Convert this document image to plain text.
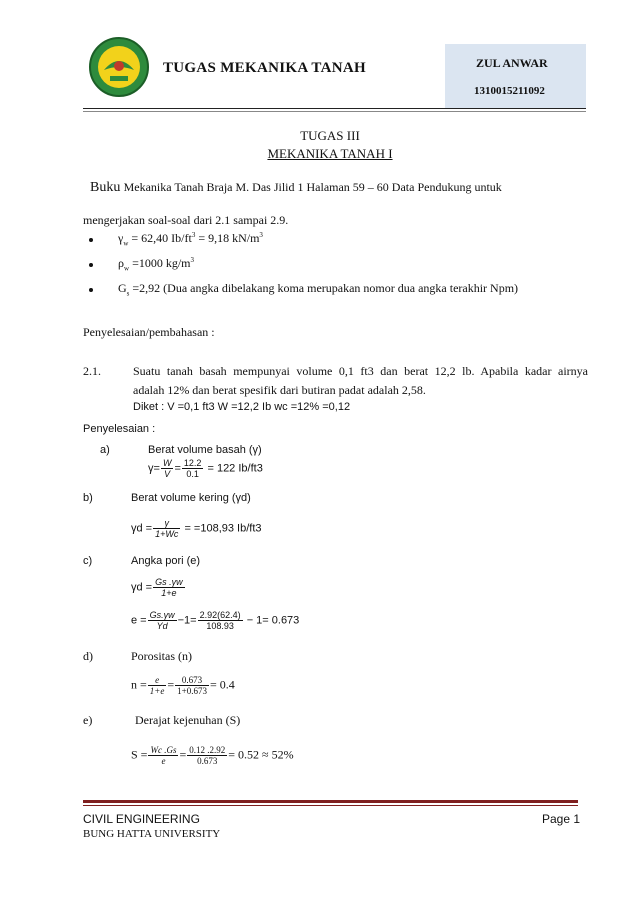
TUGAS MEKANIKA TANAH	ZUL ANWAR
1310015211092
TUGAS III
MEKANIKA TANAH I
Buku Mekanika Tanah Braja M. Das Jilid 1 Halaman 59 – 60 Data Pendukung untuk
mengerjakan soal-soal dari 2.1 sampai 2.9.
$\gamma_w = 62,40$ $Ib/ft^3 = 9,18$ $kN/m^3$
$\rho_w =1000$ $kg/m^3$
$G_s =2,92$ (Dua angka dibelakang koma merupakan nomor dua angka terakhir Npm)
Penyelesaian/pembahasan :
2.1.	Suatu tanah basah mempunyai volume 0,1 ft3 dan berat 12,2 lb. Apabila kadar airnya
adalah 12% dan berat spesifik dari butiran padat adalah 2,58.
Diket : V =0,1 ft3 W =12,2 Ib wc =12% =0,12
Penyelesaian :
a)	Berat volume basah (γ)
$\gamma= \frac{W}{V} = \frac{12.2}{0.1} = 122$ Ib/ft3
b)	Berat volume kering (γd)
$\gamma d = \frac{\gamma}{1+Wc} = =108,93$ Ib/ft3
c)	Angka pori (e)
$\gamma d = \frac{Gs .\gamma w}{1+e}$
$e = \frac{Gs.\gamma w}{Yd} -1= \frac{2.92(62.4)}{108.93} - 1= 0.673$
d)	Porositas (n)
$n = \frac{e}{1+e} = \frac{0.673}{1+0.673} = 0.4$
e)	Derajat kejenuhan (S)
$S = \frac{Wc .Gs}{e} = \frac{0.12 .2.92}{0.673} = 0.52 \approx 52\%$
CIVIL ENGINEERING
BUNG HATTA UNIVERSITY
Page 1
